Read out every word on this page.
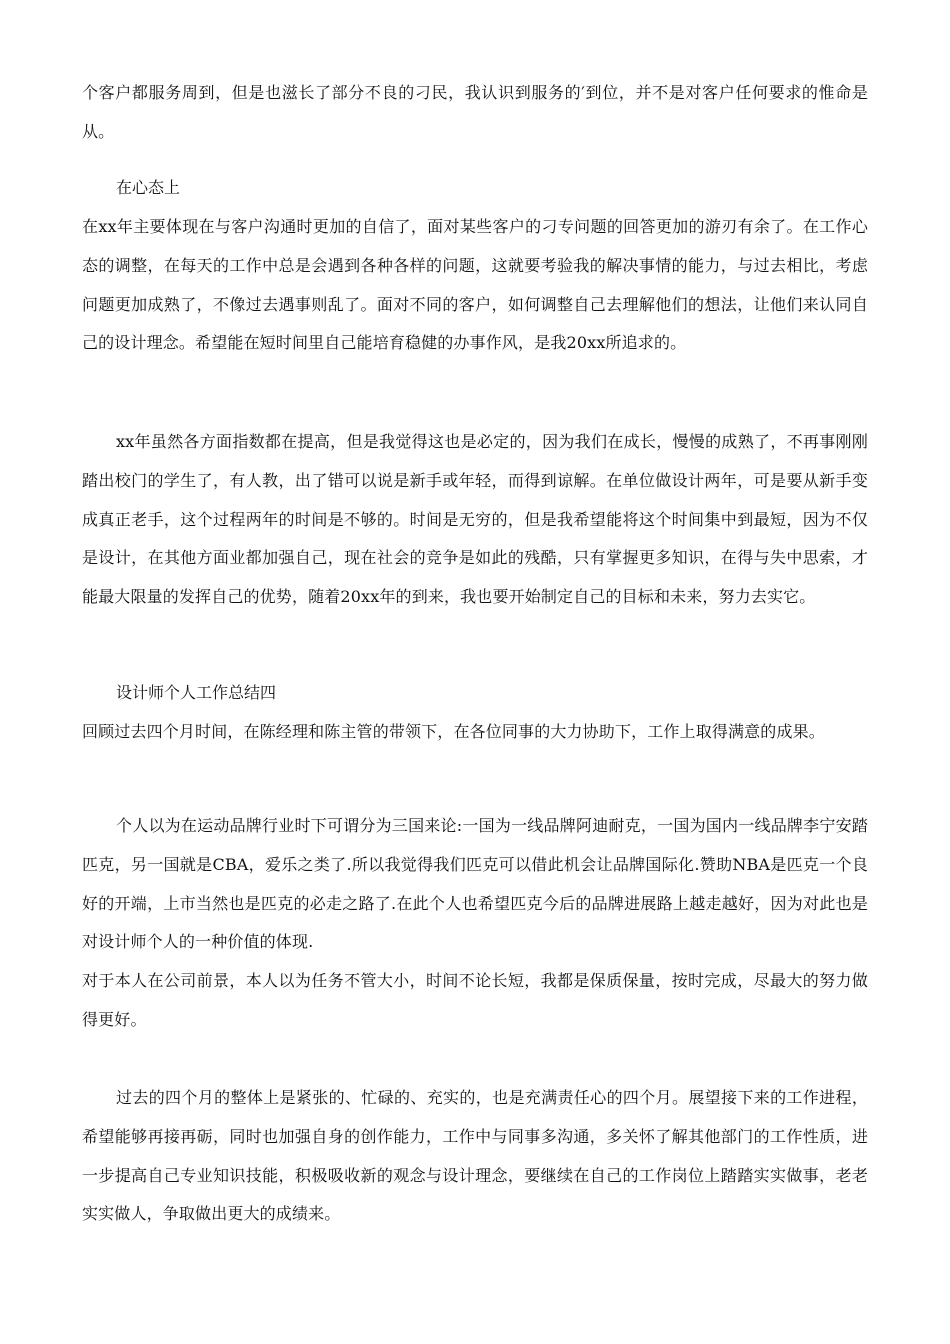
个客户都服务周到，但是也滋长了部分不良的刁民，我认识到服务的′到位，并不是对客户任何要求的惟命是从。

在心态上

在xx年主要体现在与客户沟通时更加的自信了，面对某些客户的刁专问题的回答更加的游刃有余了。在工作心态的调整，在每天的工作中总是会遇到各种各样的问题，这就要考验我的解决事情的能力，与过去相比，考虑问题更加成熟了，不像过去遇事则乱了。面对不同的客户，如何调整自己去理解他们的想法，让他们来认同自己的设计理念。希望能在短时间里自己能培育稳健的办事作风，是我20xx所追求的。

xx年虽然各方面指数都在提高，但是我觉得这也是必定的，因为我们在成长，慢慢的成熟了，不再事刚刚踏出校门的学生了，有人教，出了错可以说是新手或年轻，而得到谅解。在单位做设计两年，可是要从新手变成真正老手，这个过程两年的时间是不够的。时间是无穷的，但是我希望能将这个时间集中到最短，因为不仅是设计，在其他方面业都加强自己，现在社会的竞争是如此的残酷，只有掌握更多知识，在得与失中思索，才能最大限量的发挥自己的优势，随着20xx年的到来，我也要开始制定自己的目标和未来，努力去实它。

设计师个人工作总结四

回顾过去四个月时间，在陈经理和陈主管的带领下，在各位同事的大力协助下，工作上取得满意的成果。

个人以为在运动品牌行业时下可谓分为三国来论:一国为一线品牌阿迪耐克，一国为国内一线品牌李宁安踏匹克，另一国就是CBA，爱乐之类了.所以我觉得我们匹克可以借此机会让品牌国际化.赞助NBA是匹克一个良好的开端，上市当然也是匹克的必走之路了.在此个人也希望匹克今后的品牌进展路上越走越好，因为对此也是对设计师个人的一种价值的体现.

对于本人在公司前景，本人以为任务不管大小，时间不论长短，我都是保质保量，按时完成，尽最大的努力做得更好。

过去的四个月的整体上是紧张的、忙碌的、充实的，也是充满责任心的四个月。展望接下来的工作进程，希望能够再接再砺，同时也加强自身的创作能力，工作中与同事多沟通，多关怀了解其他部门的工作性质，进一步提高自己专业知识技能，积极吸收新的观念与设计理念，要继续在自己的工作岗位上踏踏实实做事，老老实实做人，争取做出更大的成绩来。
